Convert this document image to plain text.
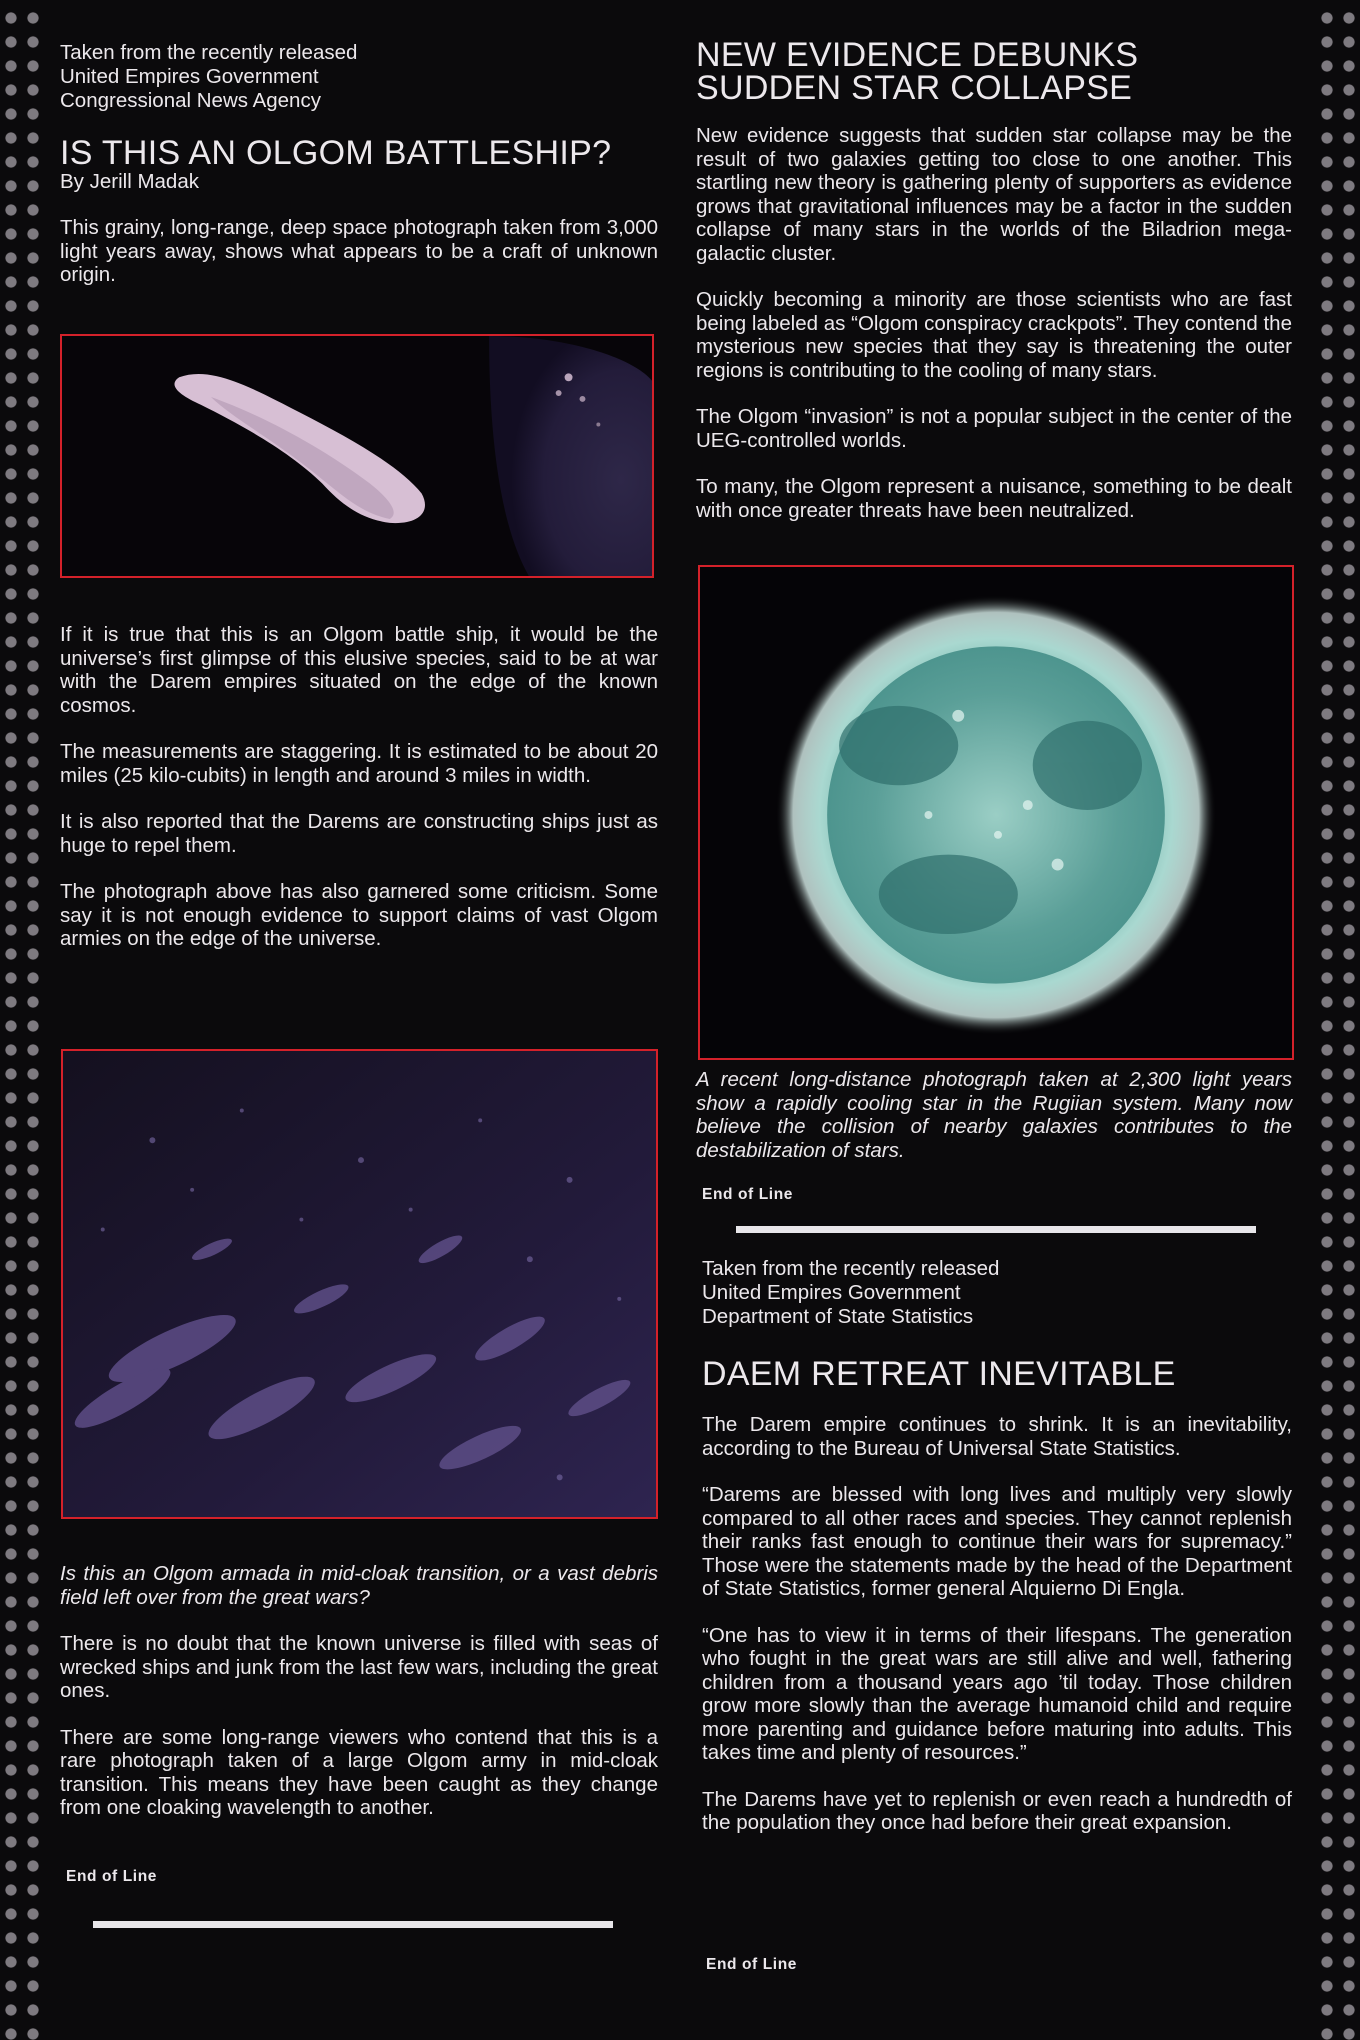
Taken from the recently released
United Empires Government
Congressional News Agency
IS THIS AN OLGOM BATTLESHIP?
By Jerill Madak

This grainy, long-range, deep space photograph taken from 3,000 light years away, shows what appears to be a craft of unknown origin.

If it is true that this is an Olgom battle ship, it would be the universe’s first glimpse of this elusive species, said to be at war with the Darem empires situated on the edge of the known cosmos.

The measurements are staggering. It is estimated to be about 20 miles (25 kilo-cubits) in length and around 3 miles in width.

It is also reported that the Darems are constructing ships just as huge to repel them.

The photograph above has also garnered some criticism. Some say it is not enough evidence to support claims of vast Olgom armies on the edge of the universe.

Is this an Olgom armada in mid-cloak transition, or a vast debris field left over from the great wars?

There is no doubt that the known universe is filled with seas of wrecked ships and junk from the last few wars, including the great ones.

There are some long-range viewers who contend that this is a rare photograph taken of a large Olgom army in mid-cloak transition. This means they have been caught as they change from one cloaking wavelength to another.

End of Line
NEW EVIDENCE DEBUNKS
SUDDEN STAR COLLAPSE

New evidence suggests that sudden star collapse may be the result of two galaxies getting too close to one another. This startling new theory is gathering plenty of supporters as evidence grows that gravitational influences may be a factor in the sudden collapse of many stars in the worlds of the Biladrion mega-galactic cluster.

Quickly becoming a minority are those scientists who are fast being labeled as “Olgom conspiracy crackpots”. They contend the mysterious new species that they say is threatening the outer regions is contributing to the cooling of many stars.

The Olgom “invasion” is not a popular subject in the center of the UEG-controlled worlds.

To many, the Olgom represent a nuisance, something to be dealt with once greater threats have been neutralized.

A recent long-distance photograph taken at 2,300 light years show a rapidly cooling star in the Rugiian system. Many now believe the collision of nearby galaxies contributes to the destabilization of stars.

End of Line
Taken from the recently released
United Empires Government
Department of State Statistics
DAEM RETREAT INEVITABLE

The Darem empire continues to shrink. It is an inevitability, according to the Bureau of Universal State Statistics.

“Darems are blessed with long lives and multiply very slowly compared to all other races and species. They cannot replenish their ranks fast enough to continue their wars for supremacy.” Those were the statements made by the head of the Department of State Statistics, former general Alquierno Di Engla.

“One has to view it in terms of their lifespans. The generation who fought in the great wars are still alive and well, fathering children from a thousand years ago ’til today. Those children grow more slowly than the average humanoid child and require more parenting and guidance before maturing into adults. This takes time and plenty of resources.”

The Darems have yet to replenish or even reach a hundredth of the population they once had before their great expansion.

End of Line
